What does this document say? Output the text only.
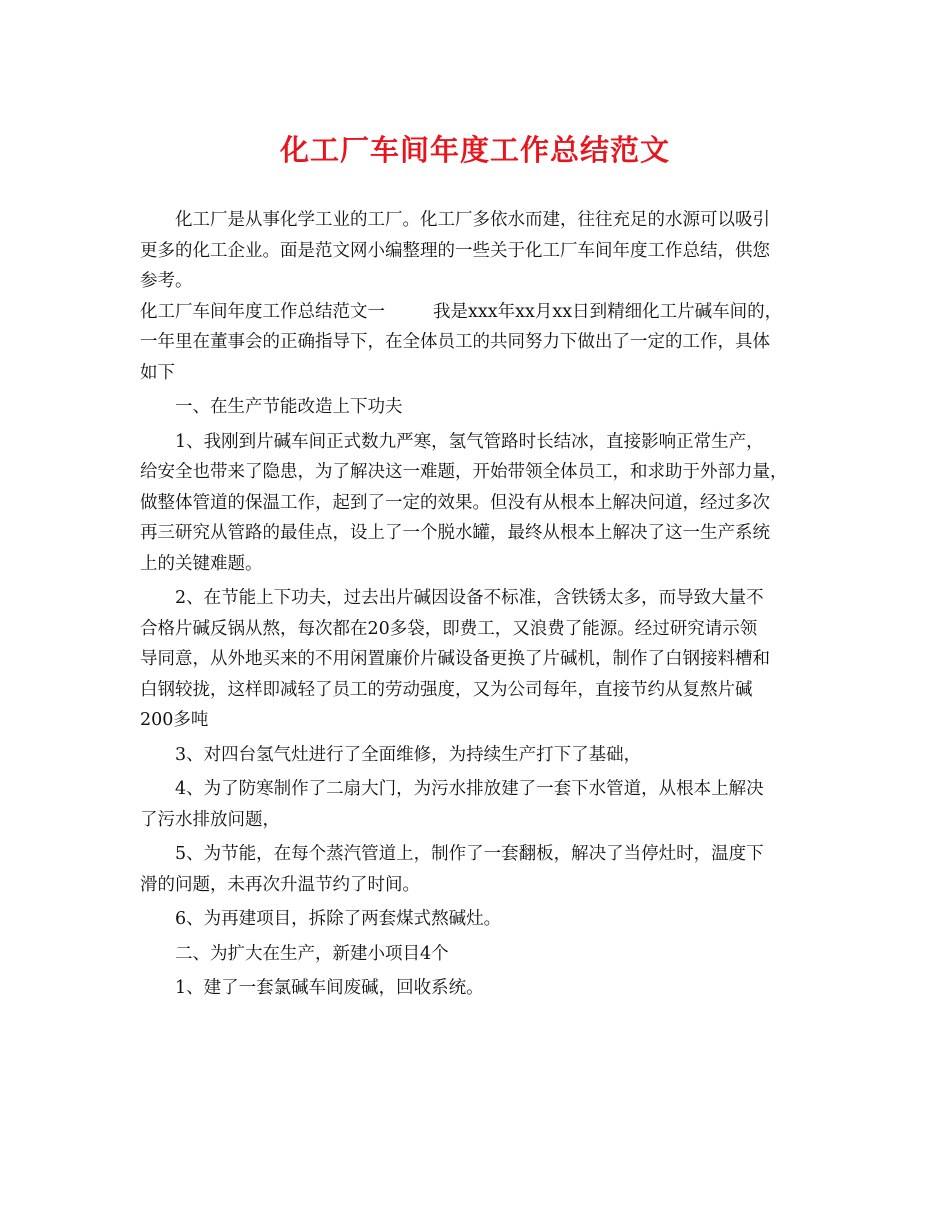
化工厂车间年度工作总结范文
化工厂是从事化学工业的工厂。化工厂多依水而建，往往充足的水源可以吸引
更多的化工企业。面是范文网小编整理的一些关于化工厂车间年度工作总结，供您
参考。
化工厂车间年度工作总结范文一	我是xxx年xx月xx日到精细化工片碱车间的，
一年里在董事会的正确指导下，在全体员工的共同努力下做出了一定的工作，具体
如下
一、在生产节能改造上下功夫
1、我刚到片碱车间正式数九严寒，氢气管路时长结冰，直接影响正常生产，
给安全也带来了隐患，为了解决这一难题，开始带领全体员工，和求助于外部力量，
做整体管道的保温工作，起到了一定的效果。但没有从根本上解决问道，经过多次
再三研究从管路的最佳点，设上了一个脱水罐，最终从根本上解决了这一生产系统
上的关键难题。
2、在节能上下功夫，过去出片碱因设备不标准，含铁锈太多，而导致大量不
合格片碱反锅从熬，每次都在20多袋，即费工，又浪费了能源。经过研究请示领
导同意，从外地买来的不用闲置廉价片碱设备更换了片碱机，制作了白钢接料槽和
白钢较拢，这样即减轻了员工的劳动强度，又为公司每年，直接节约从复熬片碱
200多吨
3、对四台氢气灶进行了全面维修，为持续生产打下了基础，
4、为了防寒制作了二扇大门，为污水排放建了一套下水管道，从根本上解决
了污水排放问题，
5、为节能，在每个蒸汽管道上，制作了一套翻板，解决了当停灶时，温度下
滑的问题，未再次升温节约了时间。
6、为再建项目，拆除了两套煤式熬碱灶。
二、为扩大在生产，新建小项目4个
1、建了一套氯碱车间废碱，回收系统。
